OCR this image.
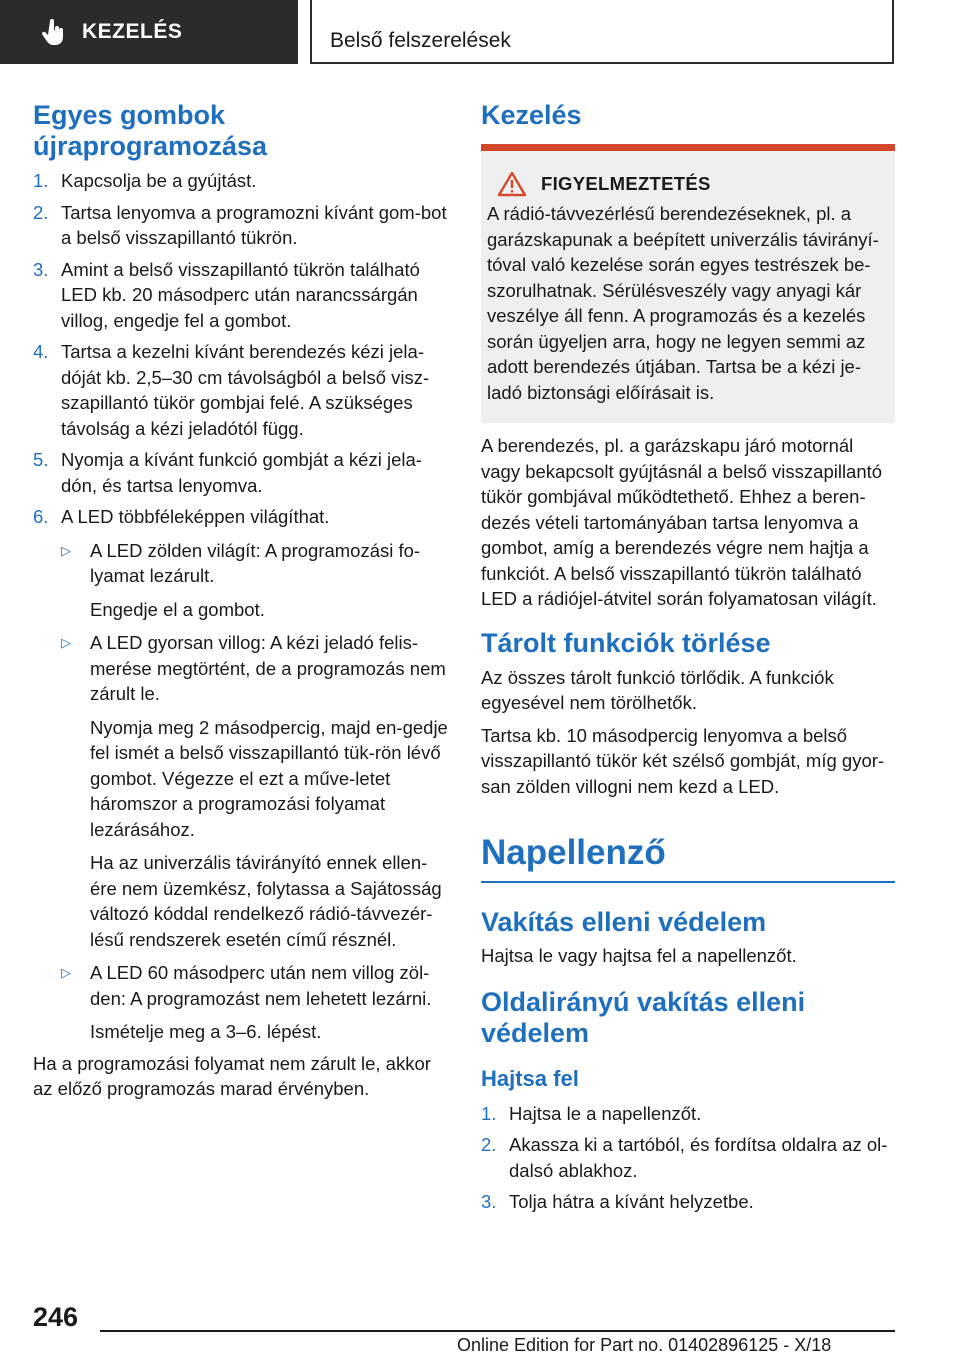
KEZELÉS	Belső felszerelések
Egyes gombok újraprogramozása
1. Kapcsolja be a gyújtást.
2. Tartsa lenyomva a programozni kívánt gom-bot a belső visszapillantó tükrön.
3. Amint a belső visszapillantó tükrön található LED kb. 20 másodperc után narancssárgán villog, engedje fel a gombot.
4. Tartsa a kezelni kívánt berendezés kézi jela-dóját kb. 2,5–30 cm távolságból a belső visz-szapillantó tükör gombjai felé. A szükséges távolság a kézi jeladótól függ.
5. Nyomja a kívánt funkció gombját a kézi jela-dón, és tartsa lenyomva.
6. A LED többféleképpen világíthat.
▷ A LED zölden világít: A programozási fo-lyamat lezárult.
Engedje el a gombot.
▷ A LED gyorsan villog: A kézi jeladó felis-merése megtörtént, de a programozás nem zárult le.
Nyomja meg 2 másodpercig, majd en-gedje fel ismét a belső visszapillantó tük-rön lévő gombot. Végezze el ezt a műve-letet háromszor a programozási folyamat lezárásához.
Ha az univerzális távirányító ennek ellen-ére nem üzemkész, folytassa a Sajátosság változó kóddal rendelkező rádió-távvezér-lésű rendszerek esetén című résznél.
▷ A LED 60 másodperc után nem villog zöl-den: A programozást nem lehetett lezárni.
Ismételje meg a 3–6. lépést.

Ha a programozási folyamat nem zárult le, akkor az előző programozás marad érvényben.

Kezelés
FIGYELMEZTETÉS

A rádió-távvezérlésű berendezéseknek, pl. a garázskapunak a beépített univerzális távirányí-tóval való kezelése során egyes testrészek be-szorulhatnak. Sérülésveszély vagy anyagi kár veszélye áll fenn. A programozás és a kezelés során ügyeljen arra, hogy ne legyen semmi az adott berendezés útjában. Tartsa be a kézi je-ladó biztonsági előírásait is.

A berendezés, pl. a garázskapu járó motornál vagy bekapcsolt gyújtásnál a belső visszapillantó tükör gombjával működtethető. Ehhez a beren-dezés vételi tartományában tartsa lenyomva a gombot, amíg a berendezés végre nem hajtja a funkciót. A belső visszapillantó tükrön található LED a rádiójel-átvitel során folyamatosan világít.

Tárolt funkciók törlése

Az összes tárolt funkció törlődik. A funkciók egyesével nem törölhetők.

Tartsa kb. 10 másodpercig lenyomva a belső visszapillantó tükör két szélső gombját, míg gyor-san zölden villogni nem kezd a LED.

Napellenző
Vakítás elleni védelem

Hajtsa le vagy hajtsa fel a napellenzőt.

Oldalirányú vakítás elleni védelem
Hajtsa fel
1. Hajtsa le a napellenzőt.
2. Akassza ki a tartóból, és fordítsa oldalra az ol-dalsó ablakhoz.
3. Tolja hátra a kívánt helyzetbe.
246
Online Edition for Part no. 01402896125 - X/18
